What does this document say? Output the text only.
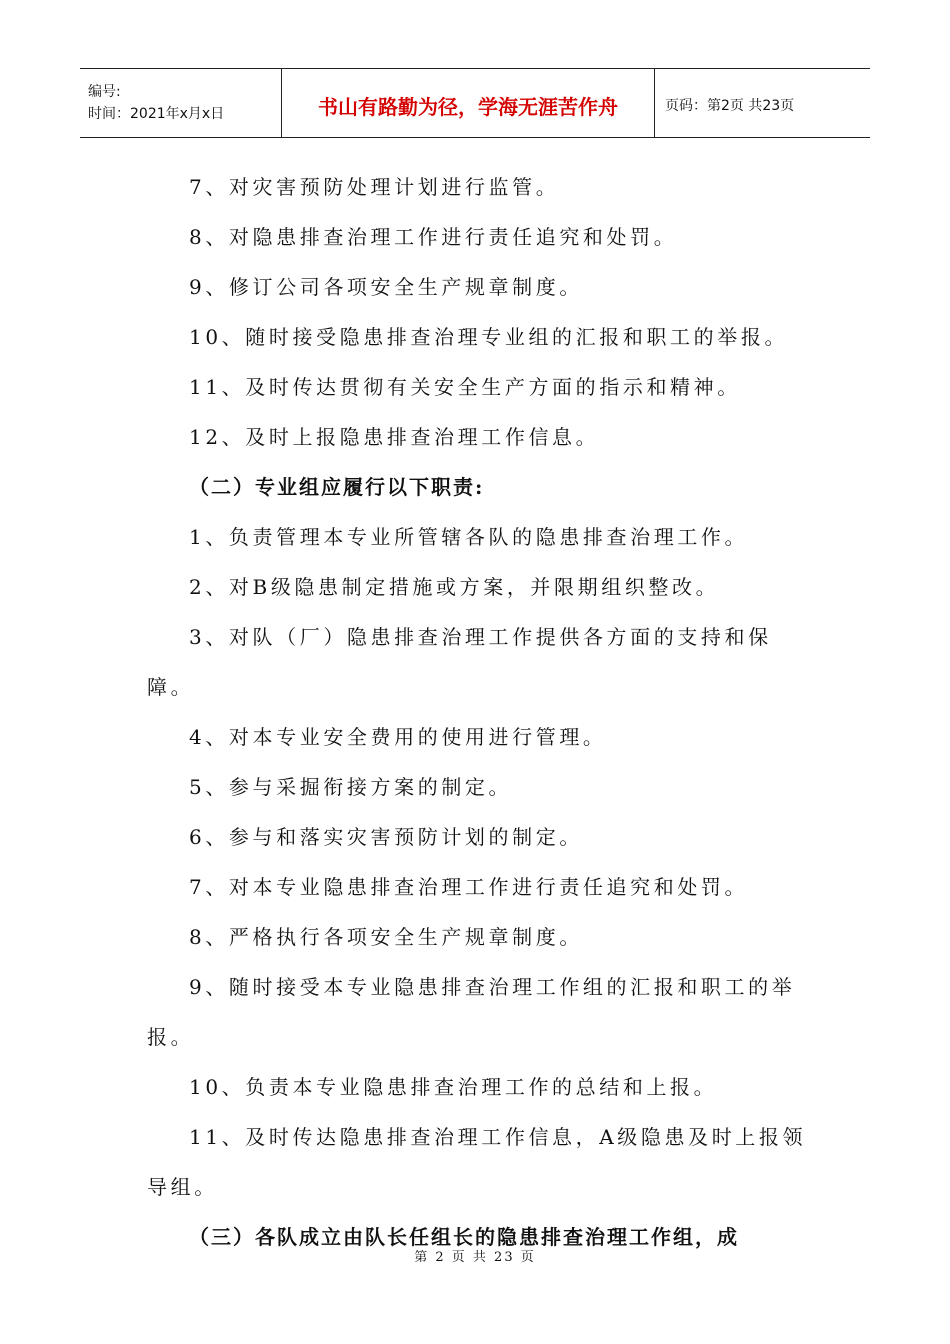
编号:
时间：2021年x月x日	书山有路勤为径，学海无涯苦作舟	页码：第2页 共23页

7、对灾害预防处理计划进行监管。

8、对隐患排查治理工作进行责任追究和处罚。

9、修订公司各项安全生产规章制度。

10、随时接受隐患排查治理专业组的汇报和职工的举报。

11、及时传达贯彻有关安全生产方面的指示和精神。

12、及时上报隐患排查治理工作信息。

（二）专业组应履行以下职责:

1、负责管理本专业所管辖各队的隐患排查治理工作。

2、对B级隐患制定措施或方案，并限期组织整改。

3、对队（厂）隐患排查治理工作提供各方面的支持和保障。

4、对本专业安全费用的使用进行管理。

5、参与采掘衔接方案的制定。

6、参与和落实灾害预防计划的制定。

7、对本专业隐患排查治理工作进行责任追究和处罚。

8、严格执行各项安全生产规章制度。

9、随时接受本专业隐患排查治理工作组的汇报和职工的举报。

10、负责本专业隐患排查治理工作的总结和上报。

11、及时传达隐患排查治理工作信息，A级隐患及时上报领导组。

（三）各队成立由队长任组长的隐患排查治理工作组，成

第 2 页 共 23 页
